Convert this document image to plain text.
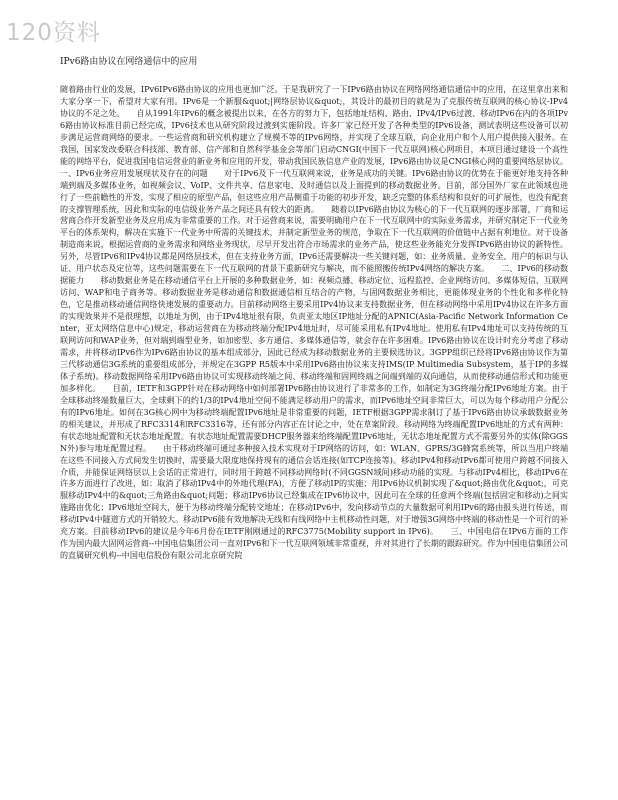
120资料
IPv6路由协议在网络通信中的应用

随着路由行业的发展，IPv6IPv6路由协议的应用也更加广泛。于是我研究了一下IPv6路由协议在网络网络通信通信中的应用，在这里拿出来和大家分享一下，希望对大家有用。IPv6是一个新服&quot;|网络层协议&quot;，其设计的最初目的就是为了克服传统互联网的核心协议-IPv4协议的不足之处。　　自从1991年IPv6的概念被提出以来，在各方的努力下，包括地址结构、路由、IPv4/IPv6过渡、移动IPv6在内的各项IPv6路由协议标准目前已经完成，IPv6技术也从研究阶段过渡到实施阶段。许多厂家已经开发了各种类型的IPv6设备，测试表明这些设备可以初步满足运营商网络的要求。一些运营商和研究机构建立了规模不等的IPv6网络，并实现了全球互联，向企业用户和个人用户提供接入服务。在我国，国家发改委联合科技部、教育部、信产部和自然科学基金会等部门启动CNGI(中国下一代互联网)核心网项目，本项目通过建设一个高性能的网络平台，促进我国电信运营业的新业务和应用的开发，带动我国民族信息产业的发展，IPv6路由协议是CNGI核心网的重要网络层协议。一、IPv6业务应用发展现状及存在的问题　　对于IPv6及下一代互联网来说，业务是成功的关键。IPv6路由协议的优势在于能更好地支持各种端到端及多媒体业务，如视频会议、VoIP、文件共享、信息家电、及时通信以及上面提到的移动数据业务。目前，部分国外厂家在此领域也进行了一些前瞻性的开发，实现了相应的原型产品，但这些应用产品侧重于功能的初步开发，缺乏完整的体系结构和良好的可扩展性，也没有配套的支撑管理系统，因此和实际的电信级业务产品之间还具有较大的距离。　　随着以IPv6路由协议为核心的下一代互联网的逐步部署，厂商和运营商合作开发新型业务及应用成为非常重要的工作。对于运营商来说，需要明确用户在下一代互联网中的实际业务需求，并研究制定下一代业务平台的体系架构，解决在实施下一代业务中所需的关键技术，并制定新型业务的规范，争取在下一代互联网的价值链中占据有利地位。对于设备制造商来说，根据运营商的业务需求和网络业务现状，尽早开发出符合市场需求的业务产品，使这些业务能充分发挥IPv6路由协议的新特性。另外，尽管IPv6和IPv4协议都是网络层技术，但在支持业务方面，IPv6还需要解决一些关键问题，如：业务质量、业务安全、用户的标识与认证、用户状态及定位等，这些问题需要在下一代互联网的背景下重新研究与解决，而不能照搬传统IPv4网络的解决方案。　　二、IPv6的移动数据能力　　移动数据业务是在移动通信平台上开展的多种数据业务，如：视频点播、移动定位、远程监控、企业网络访问、多媒体短信、互联网访问、WAP和电子商务等。移动数据业务是移动通信和数据通信相互结合的产物，与固网数据业务相比，更能体现业务的个性化和多样化特色，它是推动移动通信网络快速发展的重要动力。目前移动网络主要采用IPv4协议来支持数据业务，但在移动网络中采用IPv4协议在许多方面的实现效果并不是很理想，以地址为例，由于IPv4地址很有限，负责亚太地区IP地址分配的APNIC(Asia-Pacific Network Information Center，亚太网络信息中心)规定，移动运营商在为移动终端分配IPv4地址时，尽可能采用私有IPv4地址。使用私有IPv4地址可以支持传统的互联网访问和WAP业务，但对端到端型业务，如加密型、多方通信、多媒体通信等，就会存在许多困难。IPv6路由协议在设计时充分考虑了移动需求，并将移动IPv6作为IPv6路由协议的基本组成部分，因此已经成为移动数据业务的主要候选协议。3GPP组织已经将IPv6路由协议作为第三代移动通信3G系统的重要组成部分，并规定在3GPP R5版本中采用IPv6路由协议来支持IMS(IP Multimedia Subsystem，基于IP的多媒体子系统)。移动数据网络采用IPv6路由协议可实现移动终端之间、移动终端和固网终端之间端到端的双向通信，从而使移动通信形式和功能更加多样化。　　目前，IETF和3GPP针对在移动网络中如何部署IPv6路由协议进行了非常多的工作，如制定为3G终端分配IPv6地址方案。由于全球移动终端数量巨大，全球剩下的约1/3的IPv4地址空间不能满足移动用户的需求，而IPv6地址空间非常巨大，可以为每个移动用户分配公有的IPv6地址。如何在3G核心网中为移动终端配置IPv6地址是非常重要的问题，IETF根据3GPP需求制订了基于IPv6路由协议承载数据业务的相关建议，并形成了RFC3314和RFC3316等，还有部分内容正在讨论之中，处在草案阶段。移动网络为终端配置IPv6地址的方式有两种：有状态地址配置和无状态地址配置。有状态地址配置需要DHCP服务器来给终端配置IPv6地址，无状态地址配置方式不需要另外的实体(除GGSN外)参与地址配置过程。　　由于移动终端可通过多种接入技术实现对于IP网络的访问，如：WLAN、GPRS/3G蜂窝系统等，所以当用户终端在这些不同接入方式间发生切换时，需要最大限度地保持现有的通信会话连接(如TCP连接等)。移动IPv4和移动IPv6都可使用户跨越不同接入介质，并能保证网络层以上会话的正常进行，同时用于跨越不同移动网络时(不同GGSN域间)移动功能的实现。与移动IPv4相比，移动IPv6在许多方面进行了改进，如：取消了移动IPv4中的外地代理(FA)，方便了移动IP的实施；用IPv6协议机制实现了&quot;路由优化&quot;，可克服移动IPv4中的&quot;三角路由&quot;问题；移动IPv6协议已经集成在IPv6协议中，因此可在全球的任意两个终端(包括固定和移动)之间实施路由优化；IPv6地址空间大，便于为移动终端分配转交地址；在移动IPv6中，发向移动节点的大量数据可利用IPv6的路由报头进行传送，而移动IPv4中隧道方式的开销较大。移动IPv6能有效地解决无线和有线网络中主机移动性问题，对于增强3G网络中终端的移动性是一个可行的补充方案。目前移动IPv6的建议是今年6月份在IETF刚刚通过的RFC3775(Mobility support in IPv6)。　　三、中国电信在IPv6方面的工作　　作为国内最大固网运营商--中国电信集团公司一直对IPv6和下一代互联网领域非常重视，并对其进行了长期的跟踪研究。作为中国电信集团公司的直属研究机构--中国电信股份有限公司北京研究院
